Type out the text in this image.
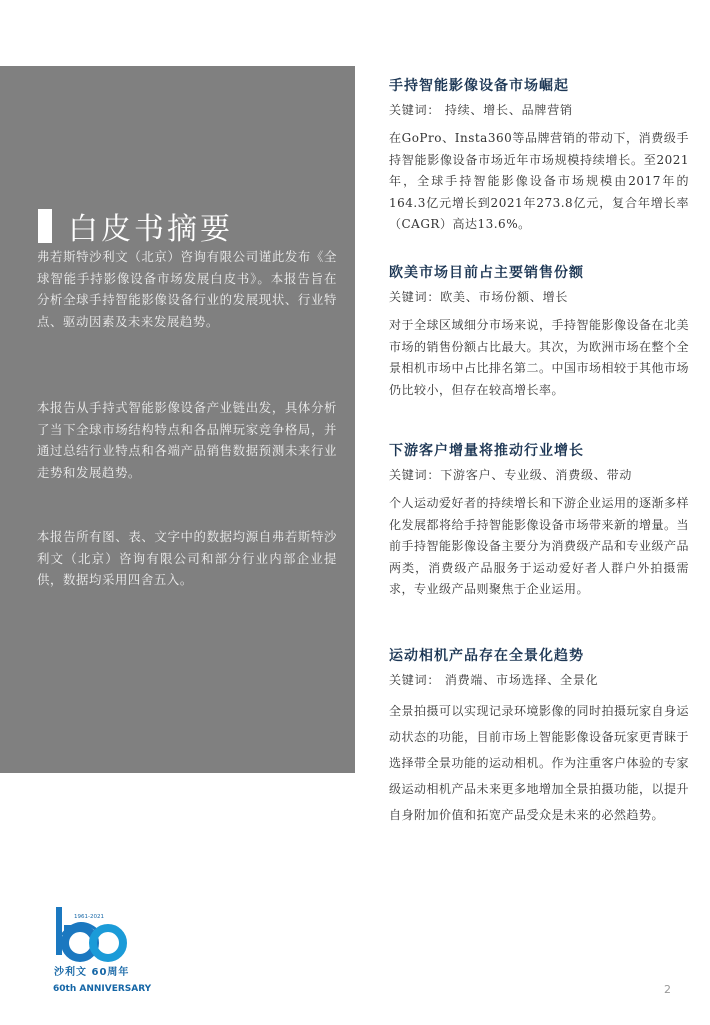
白皮书摘要

弗若斯特沙利文（北京）咨询有限公司谨此发布《全球智能手持影像设备市场发展白皮书》。本报告旨在分析全球手持智能影像设备行业的发展现状、行业特点、驱动因素及未来发展趋势。

本报告从手持式智能影像设备产业链出发，具体分析了当下全球市场结构特点和各品牌玩家竞争格局，并通过总结行业特点和各端产品销售数据预测未来行业走势和发展趋势。

本报告所有图、表、文字中的数据均源自弗若斯特沙利文（北京）咨询有限公司和部分行业内部企业提供，数据均采用四舍五入。

手持智能影像设备市场崛起

关键词： 持续、增长、品牌营销

在GoPro、Insta360等品牌营销的带动下，消费级手持智能影像设备市场近年市场规模持续增长。至2021年，全球手持智能影像设备市场规模由2017年的164.3亿元增长到2021年273.8亿元，复合年增长率（CAGR）高达13.6%。

欧美市场目前占主要销售份额

关键词：欧美、市场份额、增长

对于全球区域细分市场来说，手持智能影像设备在北美市场的销售份额占比最大。其次，为欧洲市场在整个全景相机市场中占比排名第二。中国市场相较于其他市场仍比较小，但存在较高增长率。

下游客户增量将推动行业增长

关键词：下游客户、专业级、消费级、带动

个人运动爱好者的持续增长和下游企业运用的逐渐多样化发展都将给手持智能影像设备市场带来新的增量。当前手持智能影像设备主要分为消费级产品和专业级产品两类，消费级产品服务于运动爱好者人群户外拍摄需求，专业级产品则聚焦于企业运用。

运动相机产品存在全景化趋势

关键词： 消费端、市场选择、全景化

全景拍摄可以实现记录环境影像的同时拍摄玩家自身运动状态的功能，目前市场上智能影像设备玩家更青睐于选择带全景功能的运动相机。作为注重客户体验的专家级运动相机产品未来更多地增加全景拍摄功能，以提升自身附加价值和拓宽产品受众是未来的必然趋势。

1961-2021
沙利文 60周年
60th ANNIVERSARY	2
